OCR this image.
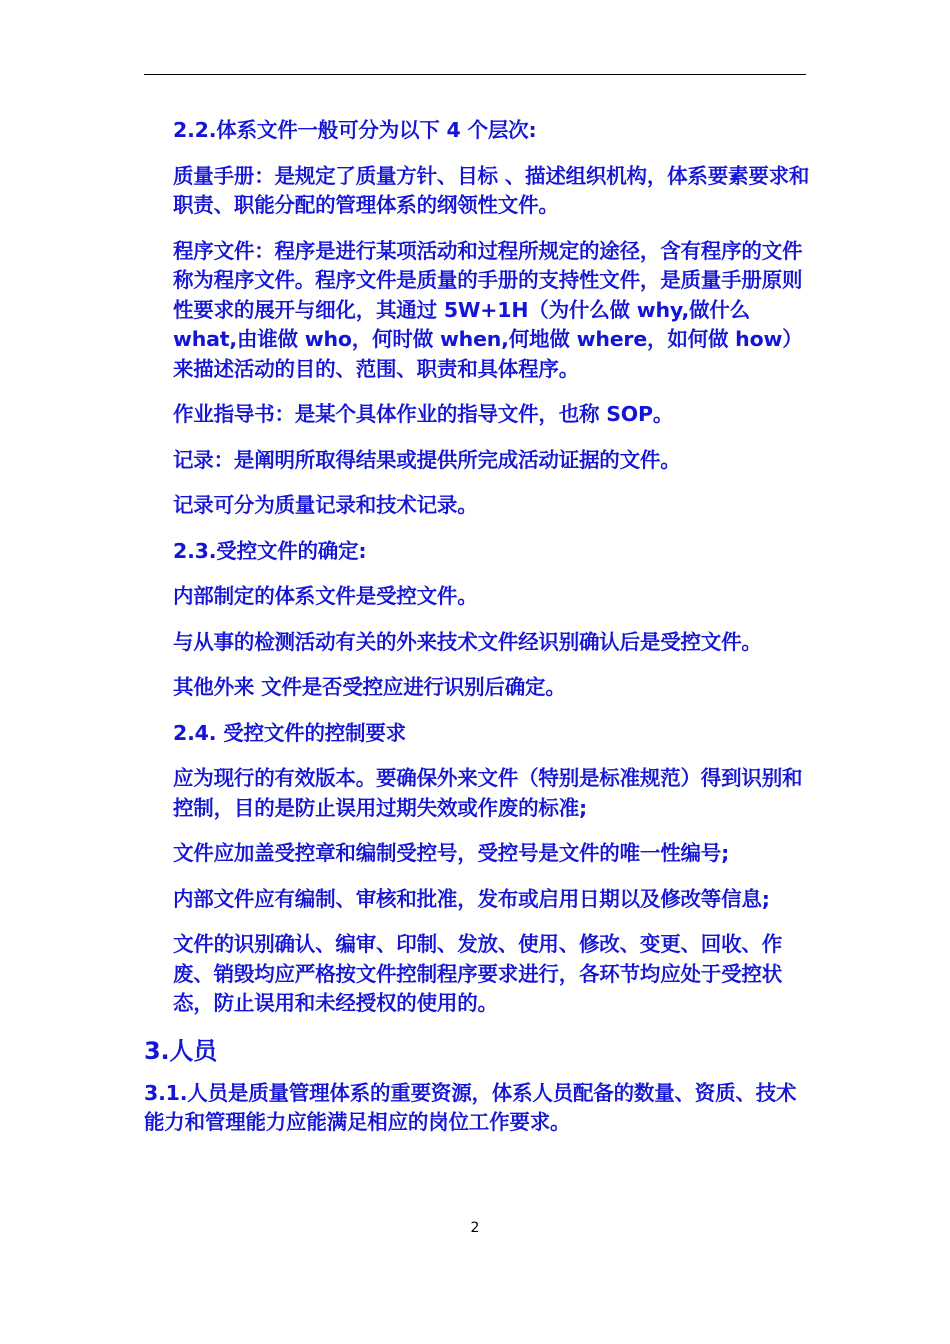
2.2.体系文件一般可分为以下 4 个层次:

质量手册：是规定了质量方针、目标 、描述组织机构，体系要素要求和职责、职能分配的管理体系的纲领性文件。

程序文件：程序是进行某项活动和过程所规定的途径，含有程序的文件称为程序文件。程序文件是质量的手册的支持性文件，是质量手册原则性要求的展开与细化，其通过 5W+1H（为什么做 why,做什么 what,由谁做 who，何时做 when,何地做 where，如何做 how）来描述活动的目的、范围、职责和具体程序。

作业指导书：是某个具体作业的指导文件，也称 SOP。

记录：是阐明所取得结果或提供所完成活动证据的文件。

记录可分为质量记录和技术记录。

2.3.受控文件的确定:

内部制定的体系文件是受控文件。

与从事的检测活动有关的外来技术文件经识别确认后是受控文件。

其他外来 文件是否受控应进行识别后确定。

2.4. 受控文件的控制要求

应为现行的有效版本。要确保外来文件（特别是标准规范）得到识别和控制，目的是防止误用过期失效或作废的标准;

文件应加盖受控章和编制受控号，受控号是文件的唯一性编号;

内部文件应有编制、审核和批准，发布或启用日期以及修改等信息;

文件的识别确认、编审、印制、发放、使用、修改、变更、回收、作废、销毁均应严格按文件控制程序要求进行，各环节均应处于受控状态，防止误用和未经授权的使用的。

3.人员

3.1.人员是质量管理体系的重要资源，体系人员配备的数量、资质、技术能力和管理能力应能满足相应的岗位工作要求。

2
